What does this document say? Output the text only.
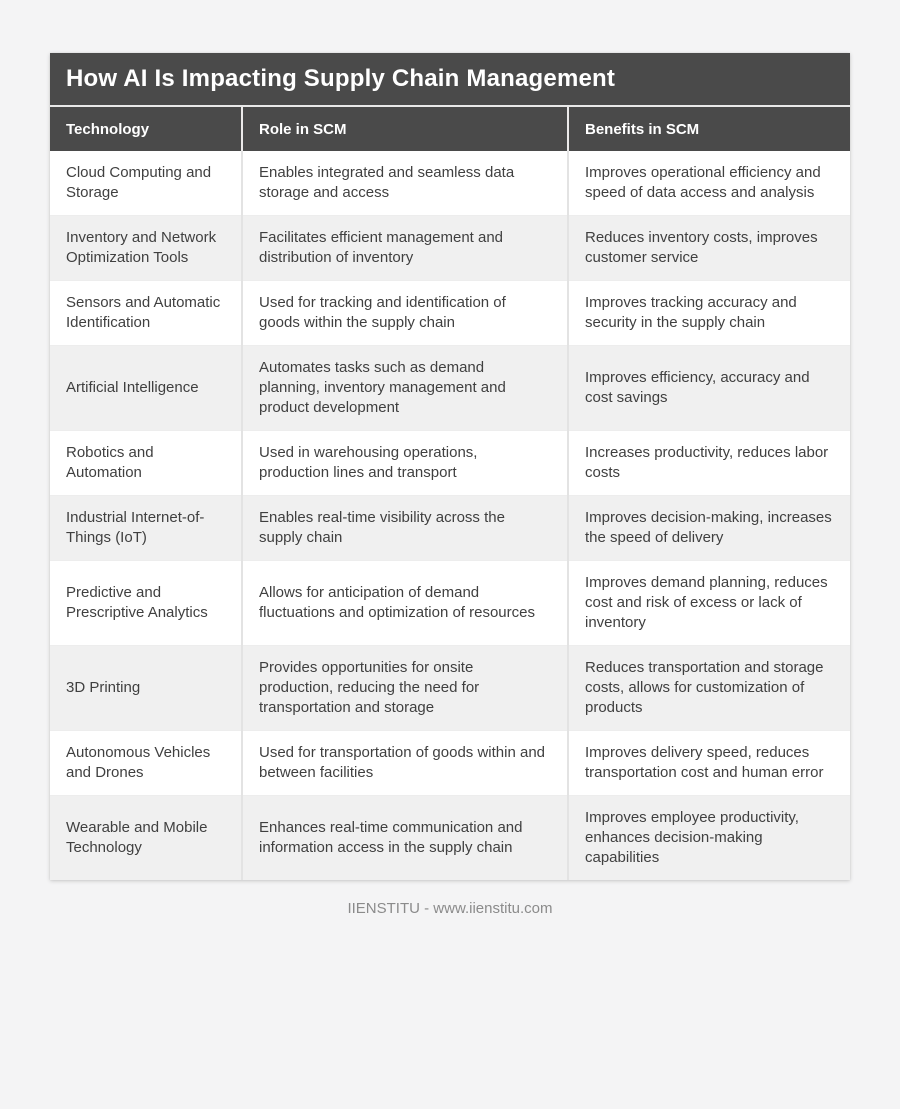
How AI Is Impacting Supply Chain Management
Technology	Role in SCM	Benefits in SCM
Cloud Computing and Storage	Enables integrated and seamless data storage and access	Improves operational efficiency and speed of data access and analysis
Inventory and Network Optimization Tools	Facilitates efficient management and distribution of inventory	Reduces inventory costs, improves customer service
Sensors and Automatic Identification	Used for tracking and identification of goods within the supply chain	Improves tracking accuracy and security in the supply chain
Artificial Intelligence	Automates tasks such as demand planning, inventory management and product development	Improves efficiency, accuracy and cost savings
Robotics and Automation	Used in warehousing operations, production lines and transport	Increases productivity, reduces labor costs
Industrial Internet-of-Things (IoT)	Enables real-time visibility across the supply chain	Improves decision-making, increases the speed of delivery
Predictive and Prescriptive Analytics	Allows for anticipation of demand fluctuations and optimization of resources	Improves demand planning, reduces cost and risk of excess or lack of inventory
3D Printing	Provides opportunities for onsite production, reducing the need for transportation and storage	Reduces transportation and storage costs, allows for customization of products
Autonomous Vehicles and Drones	Used for transportation of goods within and between facilities	Improves delivery speed, reduces transportation cost and human error
Wearable and Mobile Technology	Enhances real-time communication and information access in the supply chain	Improves employee productivity, enhances decision-making capabilities
IIENSTITU - www.iienstitu.com
